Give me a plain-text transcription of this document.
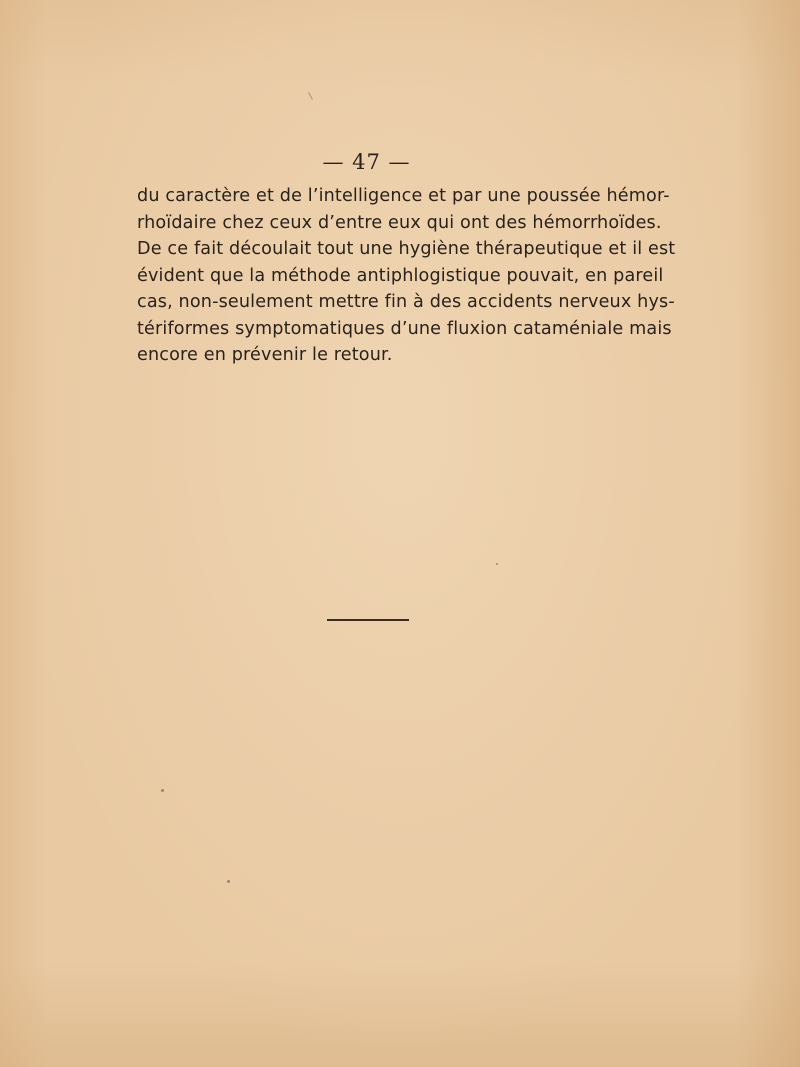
— 47 —
du caractère et de l’intelligence et par une poussée hémor-
rhoïdaire chez ceux d’entre eux qui ont des hémorrhoïdes.
De ce fait découlait tout une hygiène thérapeutique et il est
évident que la méthode antiphlogistique pouvait, en pareil
cas, non-seulement mettre fin à des accidents nerveux hys-
tériformes symptomatiques d’une fluxion cataméniale mais
encore en prévenir le retour.
